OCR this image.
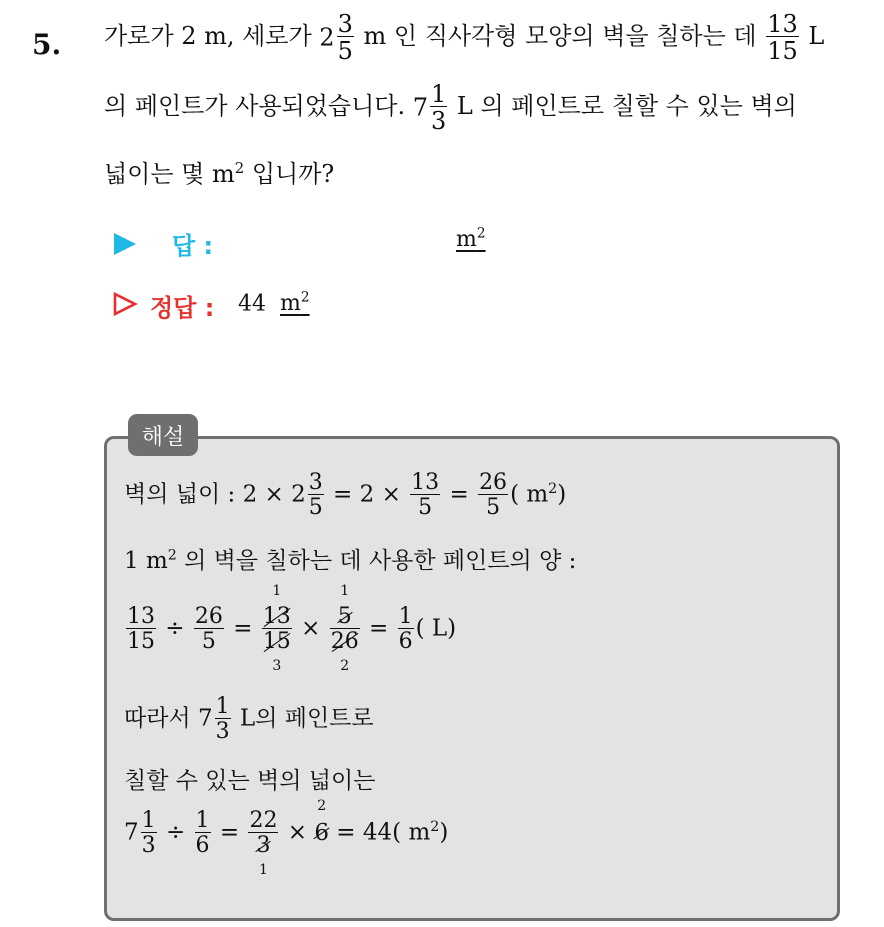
5. 가로가 2 m, 세로가 $2 \frac{3}{5}$ m 인 직사각형 모양의 벽을 칠하는 데 $\frac{13}{15}$ L
의 페인트가 사용되었습니다. $7 \frac{1}{3}$ L 의 페인트로 칠할 수 있는 벽의
넓이는 몇 $m^2$ 입니까?
답 :	$m^2$
정답 : 44 $m^2$
해설
벽의 넓이 : $2 \times 2 \frac{3}{5} = 2 \times \frac{13}{5} = \frac{26}{5}$ ( $m^2$)
1 $m^2$ 의 벽을 칠하는 데 사용한 페인트의 양 :
$\frac{13}{15} \div \frac{26}{5} = 13$
1
15
3 × 5
1
26
$2 = \frac{1}{6}$ ( L)
따라서 $7 \frac{1}{3}$ L의 페인트로
칠할 수 있는 벽의 넓이는
$7 \frac{1}{3} \div \frac{1}{6} = 22$
3
1 × 6
2
= 44( $m^2$)
